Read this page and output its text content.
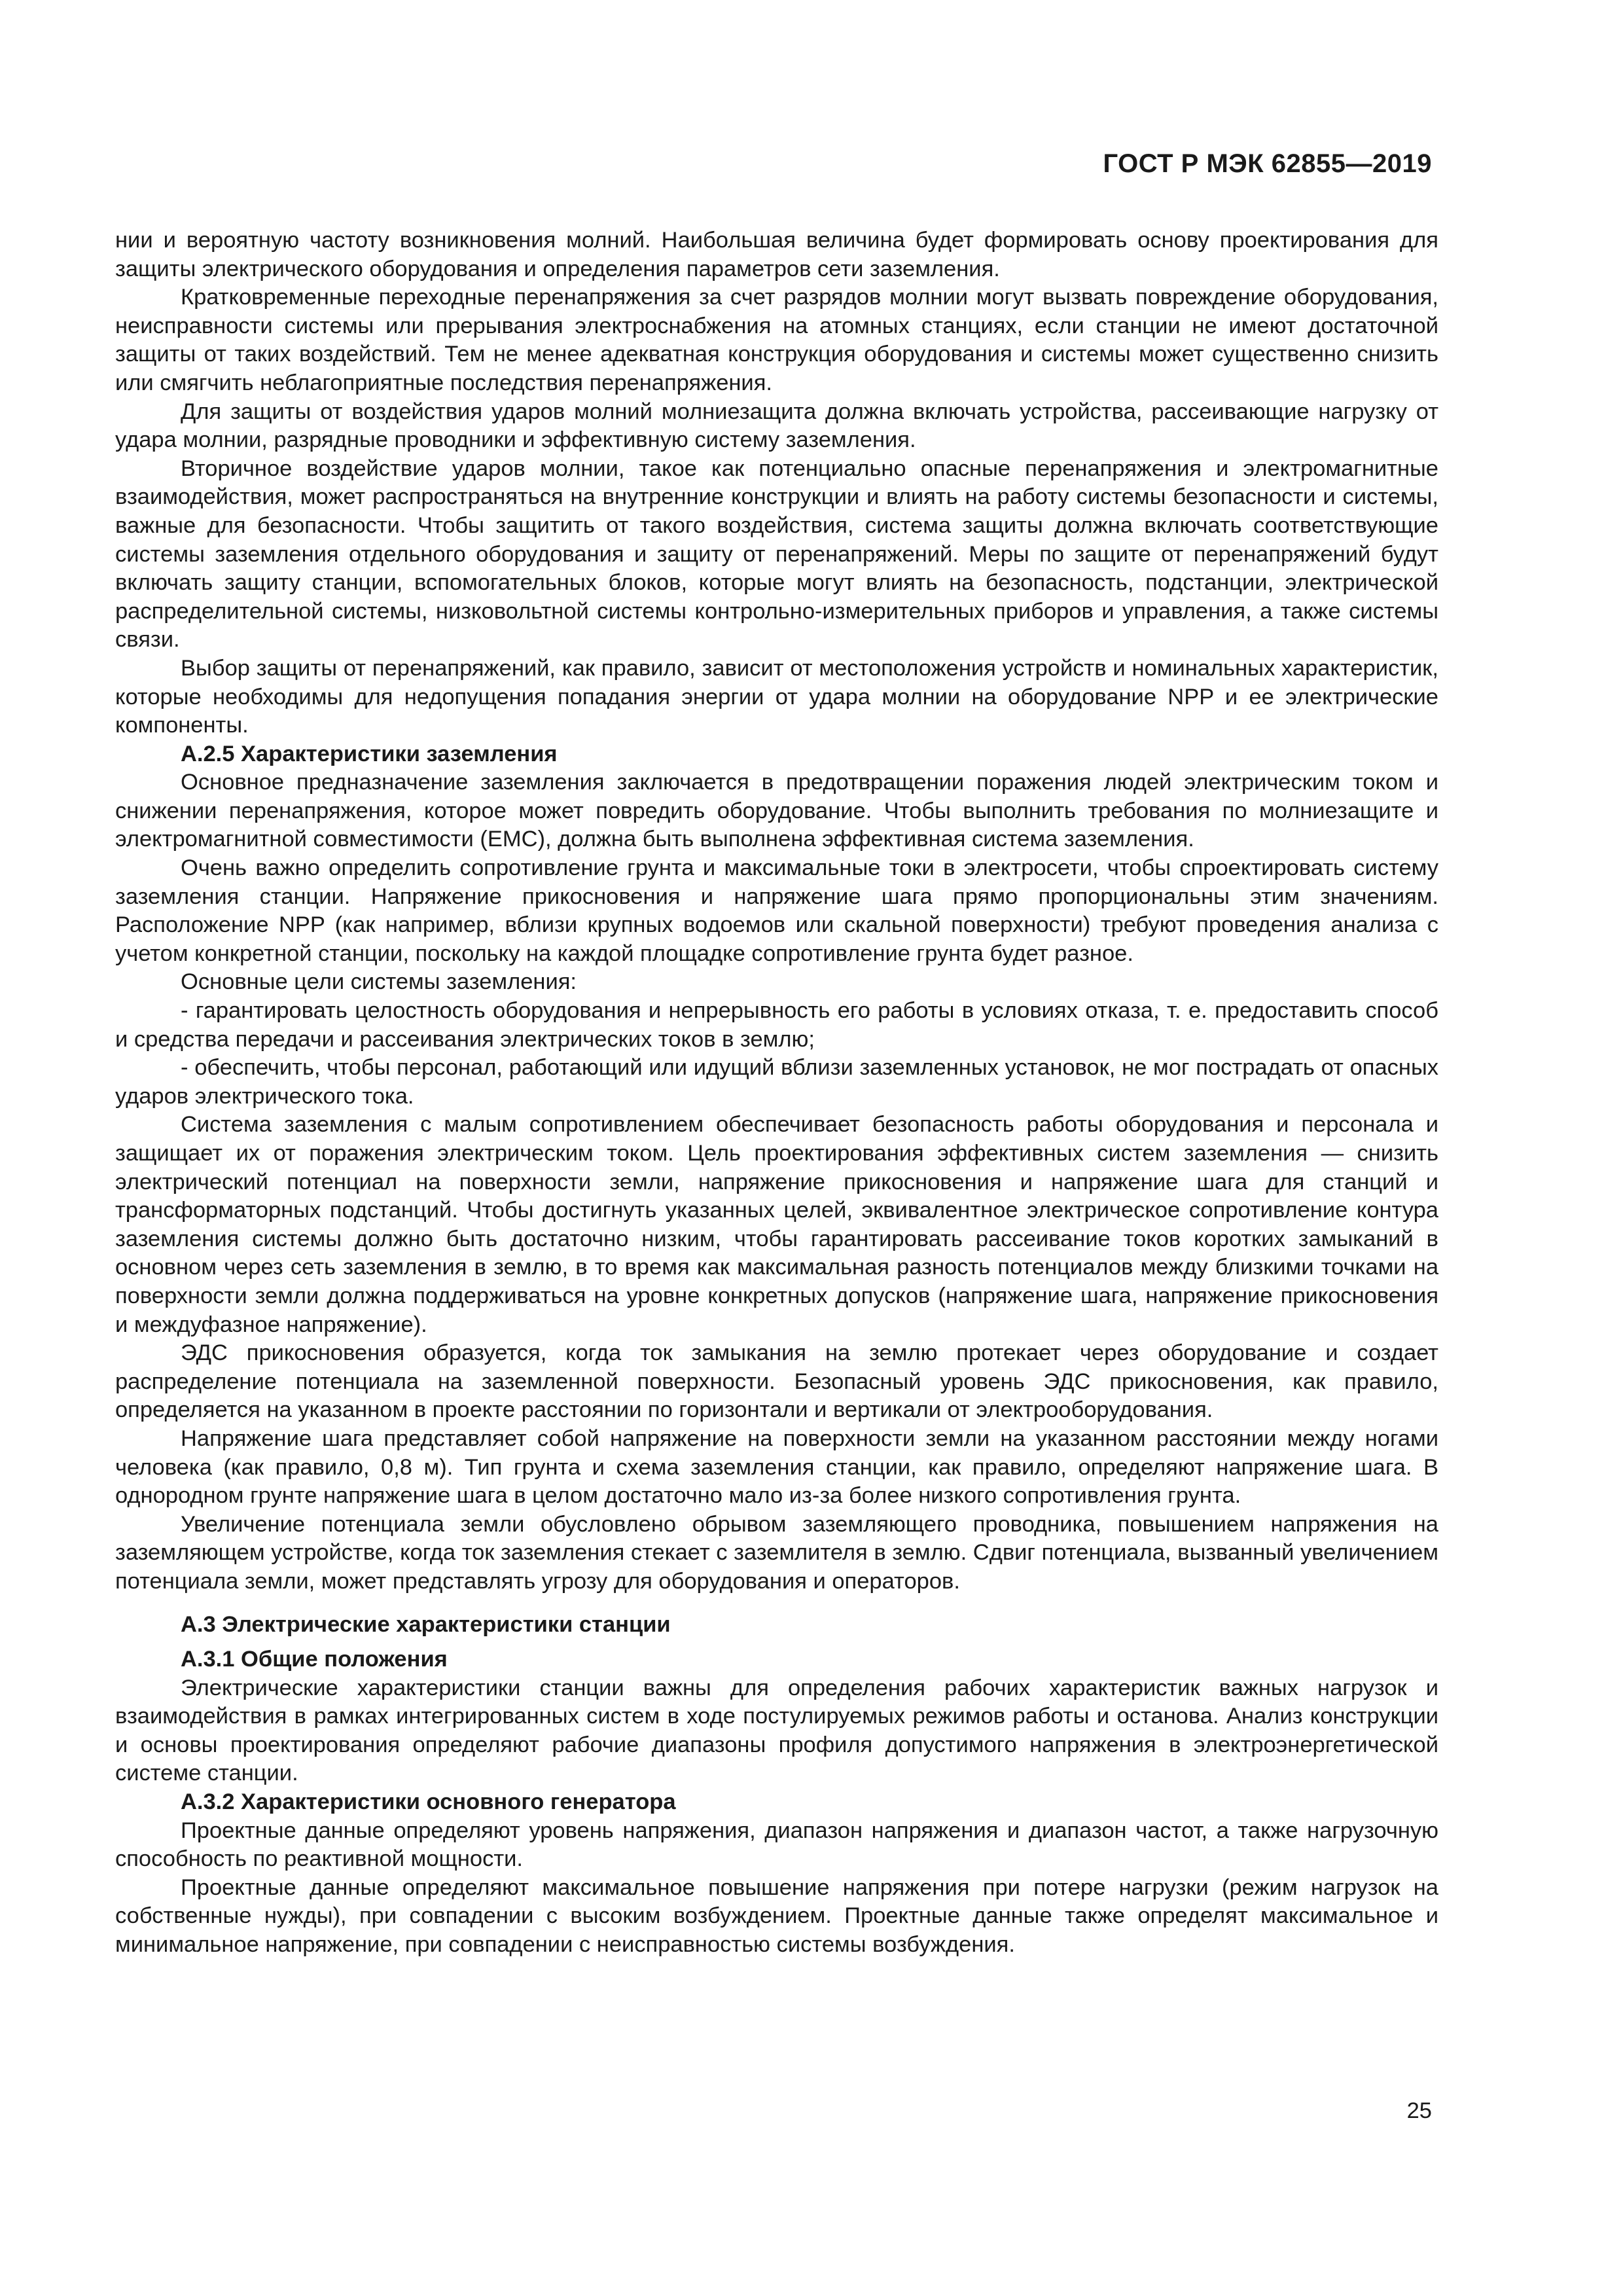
ГОСТ Р МЭК 62855—2019

нии и вероятную частоту возникновения молний. Наибольшая величина будет формировать основу проектирования для защиты электрического оборудования и определения параметров сети заземления.

Кратковременные переходные перенапряжения за счет разрядов молнии могут вызвать повреждение оборудования, неисправности системы или прерывания электроснабжения на атомных станциях, если станции не имеют достаточной защиты от таких воздействий. Тем не менее адекватная конструкция оборудования и системы может существенно снизить или смягчить неблагоприятные последствия перенапряжения.

Для защиты от воздействия ударов молний молниезащита должна включать устройства, рассеивающие нагрузку от удара молнии, разрядные проводники и эффективную систему заземления.

Вторичное воздействие ударов молнии, такое как потенциально опасные перенапряжения и электромагнитные взаимодействия, может распространяться на внутренние конструкции и влиять на работу системы безопасности и системы, важные для безопасности. Чтобы защитить от такого воздействия, система защиты должна включать соответствующие системы заземления отдельного оборудования и защиту от перенапряжений. Меры по защите от перенапряжений будут включать защиту станции, вспомогательных блоков, которые могут влиять на безопасность, подстанции, электрической распределительной системы, низковольтной системы контрольно-измерительных приборов и управления, а также системы связи.

Выбор защиты от перенапряжений, как правило, зависит от местоположения устройств и номинальных характеристик, которые необходимы для недопущения попадания энергии от удара молнии на оборудование NPP и ее электрические компоненты.

А.2.5 Характеристики заземления

Основное предназначение заземления заключается в предотвращении поражения людей электрическим током и снижении перенапряжения, которое может повредить оборудование. Чтобы выполнить требования по молниезащите и электромагнитной совместимости (EMC), должна быть выполнена эффективная система заземления.

Очень важно определить сопротивление грунта и максимальные токи в электросети, чтобы спроектировать систему заземления станции. Напряжение прикосновения и напряжение шага прямо пропорциональны этим значениям. Расположение NPP (как например, вблизи крупных водоемов или скальной поверхности) требуют проведения анализа с учетом конкретной станции, поскольку на каждой площадке сопротивление грунта будет разное.

Основные цели системы заземления:

- гарантировать целостность оборудования и непрерывность его работы в условиях отказа, т. е. предоставить способ и средства передачи и рассеивания электрических токов в землю;

- обеспечить, чтобы персонал, работающий или идущий вблизи заземленных установок, не мог пострадать от опасных ударов электрического тока.

Система заземления с малым сопротивлением обеспечивает безопасность работы оборудования и персонала и защищает их от поражения электрическим током. Цель проектирования эффективных систем заземления — снизить электрический потенциал на поверхности земли, напряжение прикосновения и напряжение шага для станций и трансформаторных подстанций. Чтобы достигнуть указанных целей, эквивалентное электрическое сопротивление контура заземления системы должно быть достаточно низким, чтобы гарантировать рассеивание токов коротких замыканий в основном через сеть заземления в землю, в то время как максимальная разность потенциалов между близкими точками на поверхности земли должна поддерживаться на уровне конкретных допусков (напряжение шага, напряжение прикосновения и междуфазное напряжение).

ЭДС прикосновения образуется, когда ток замыкания на землю протекает через оборудование и создает распределение потенциала на заземленной поверхности. Безопасный уровень ЭДС прикосновения, как правило, определяется на указанном в проекте расстоянии по горизонтали и вертикали от электрооборудования.

Напряжение шага представляет собой напряжение на поверхности земли на указанном расстоянии между ногами человека (как правило, 0,8 м). Тип грунта и схема заземления станции, как правило, определяют напряжение шага. В однородном грунте напряжение шага в целом достаточно мало из-за более низкого сопротивления грунта.

Увеличение потенциала земли обусловлено обрывом заземляющего проводника, повышением напряжения на заземляющем устройстве, когда ток заземления стекает с заземлителя в землю. Сдвиг потенциала, вызванный увеличением потенциала земли, может представлять угрозу для оборудования и операторов.

А.3 Электрические характеристики станции
А.3.1 Общие положения

Электрические характеристики станции важны для определения рабочих характеристик важных нагрузок и взаимодействия в рамках интегрированных систем в ходе постулируемых режимов работы и останова. Анализ конструкции и основы проектирования определяют рабочие диапазоны профиля допустимого напряжения в электроэнергетической системе станции.

А.3.2 Характеристики основного генератора

Проектные данные определяют уровень напряжения, диапазон напряжения и диапазон частот, а также нагрузочную способность по реактивной мощности.

Проектные данные определяют максимальное повышение напряжения при потере нагрузки (режим нагрузок на собственные нужды), при совпадении с высоким возбуждением. Проектные данные также определят максимальное и минимальное напряжение, при совпадении с неисправностью системы возбуждения.

25
